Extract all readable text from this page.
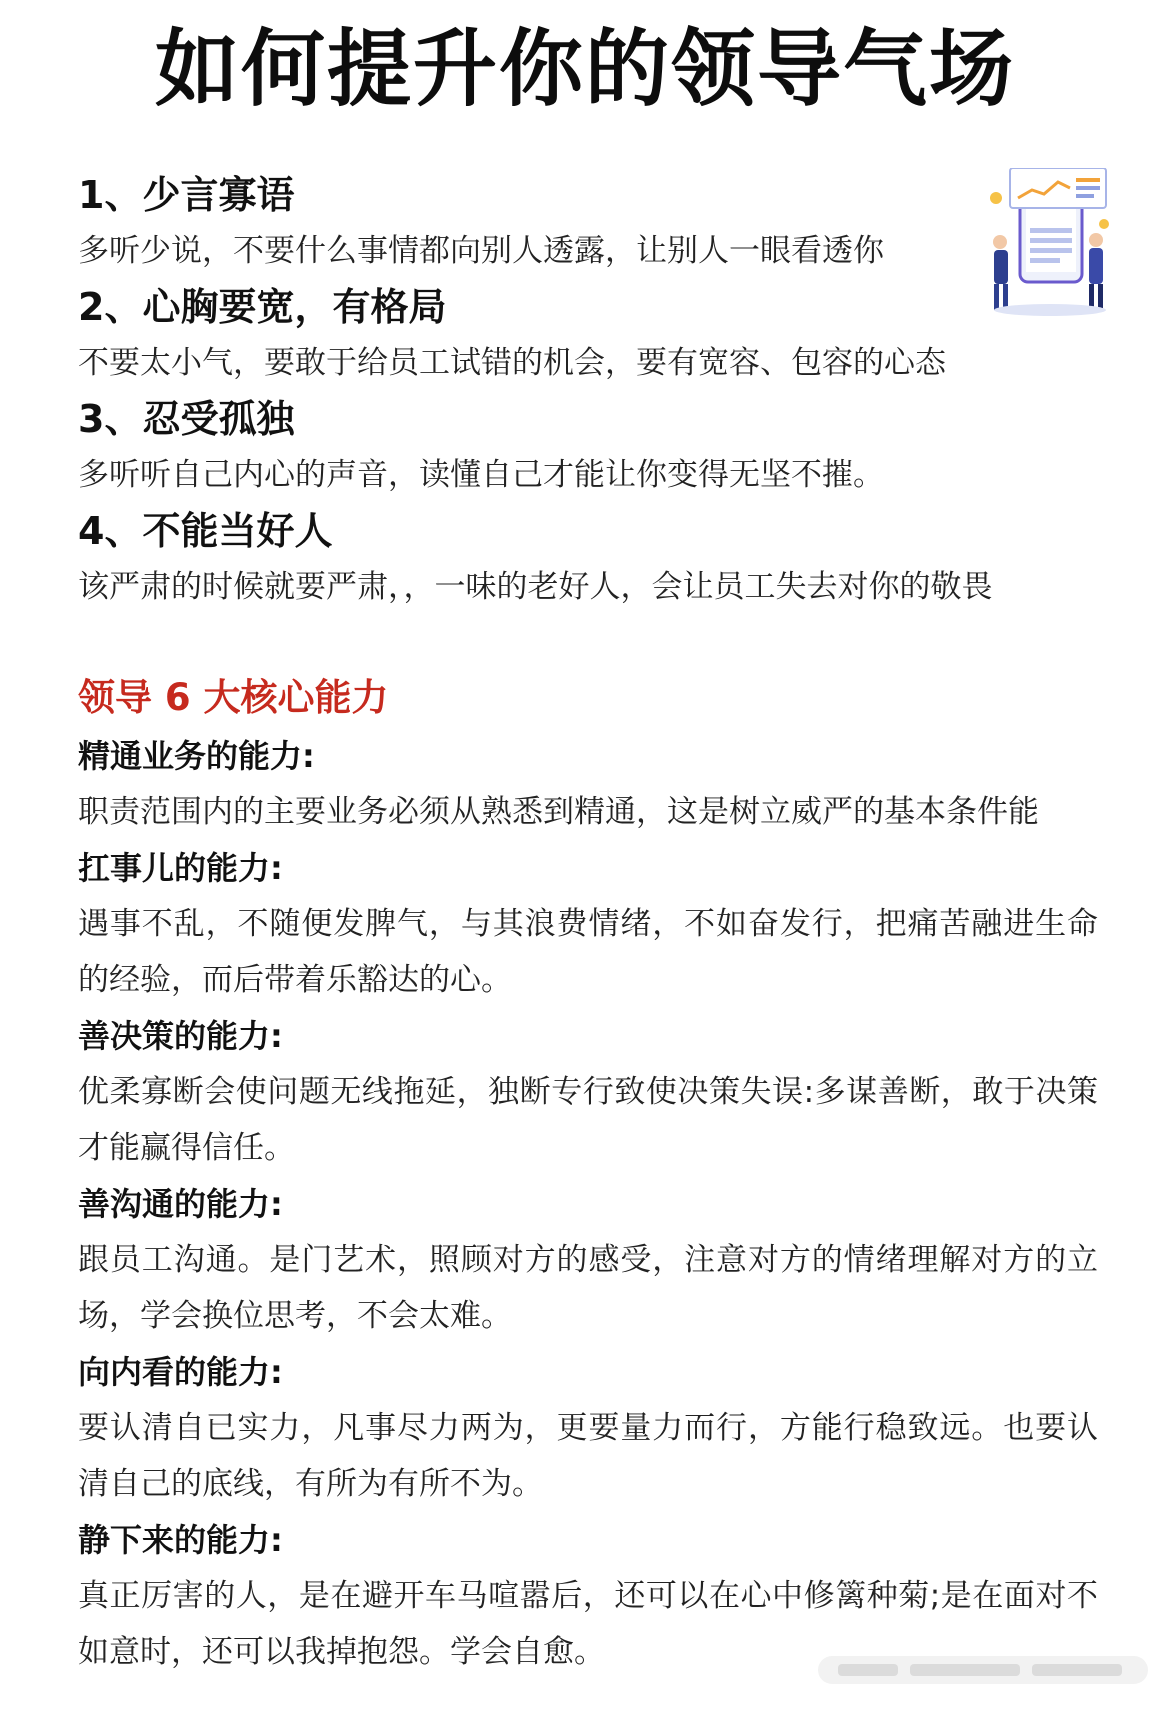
如何提升你的领导气场
1、少言寡语
多听少说，不要什么事情都向别人透露，让别人一眼看透你
2、心胸要宽，有格局
不要太小气，要敢于给员工试错的机会，要有宽容、包容的心态
3、忍受孤独
多听听自己内心的声音，读懂自己才能让你变得无坚不摧。
4、不能当好人
该严肃的时候就要严肃，，一味的老好人，会让员工失去对你的敬畏
领导 6 大核心能力
精通业务的能力:
职责范围内的主要业务必须从熟悉到精通，这是树立威严的基本条件能
扛事儿的能力:
遇事不乱，不随便发脾气，与其浪费情绪，不如奋发行，把痛苦融进生命的经验，而后带着乐豁达的心。
善决策的能力:
优柔寡断会使问题无线拖延，独断专行致使决策失误:多谋善断，敢于决策才能赢得信任。
善沟通的能力:
跟员工沟通。是门艺术，照顾对方的感受，注意对方的情绪理解对方的立场，学会换位思考，不会太难。
向内看的能力:
要认清自已实力，凡事尽力两为，更要量力而行，方能行稳致远。也要认清自己的底线，有所为有所不为。
静下来的能力:
真正厉害的人，是在避开车马喧嚣后，还可以在心中修篱种菊;是在面对不如意时，还可以我掉抱怨。学会自愈。
